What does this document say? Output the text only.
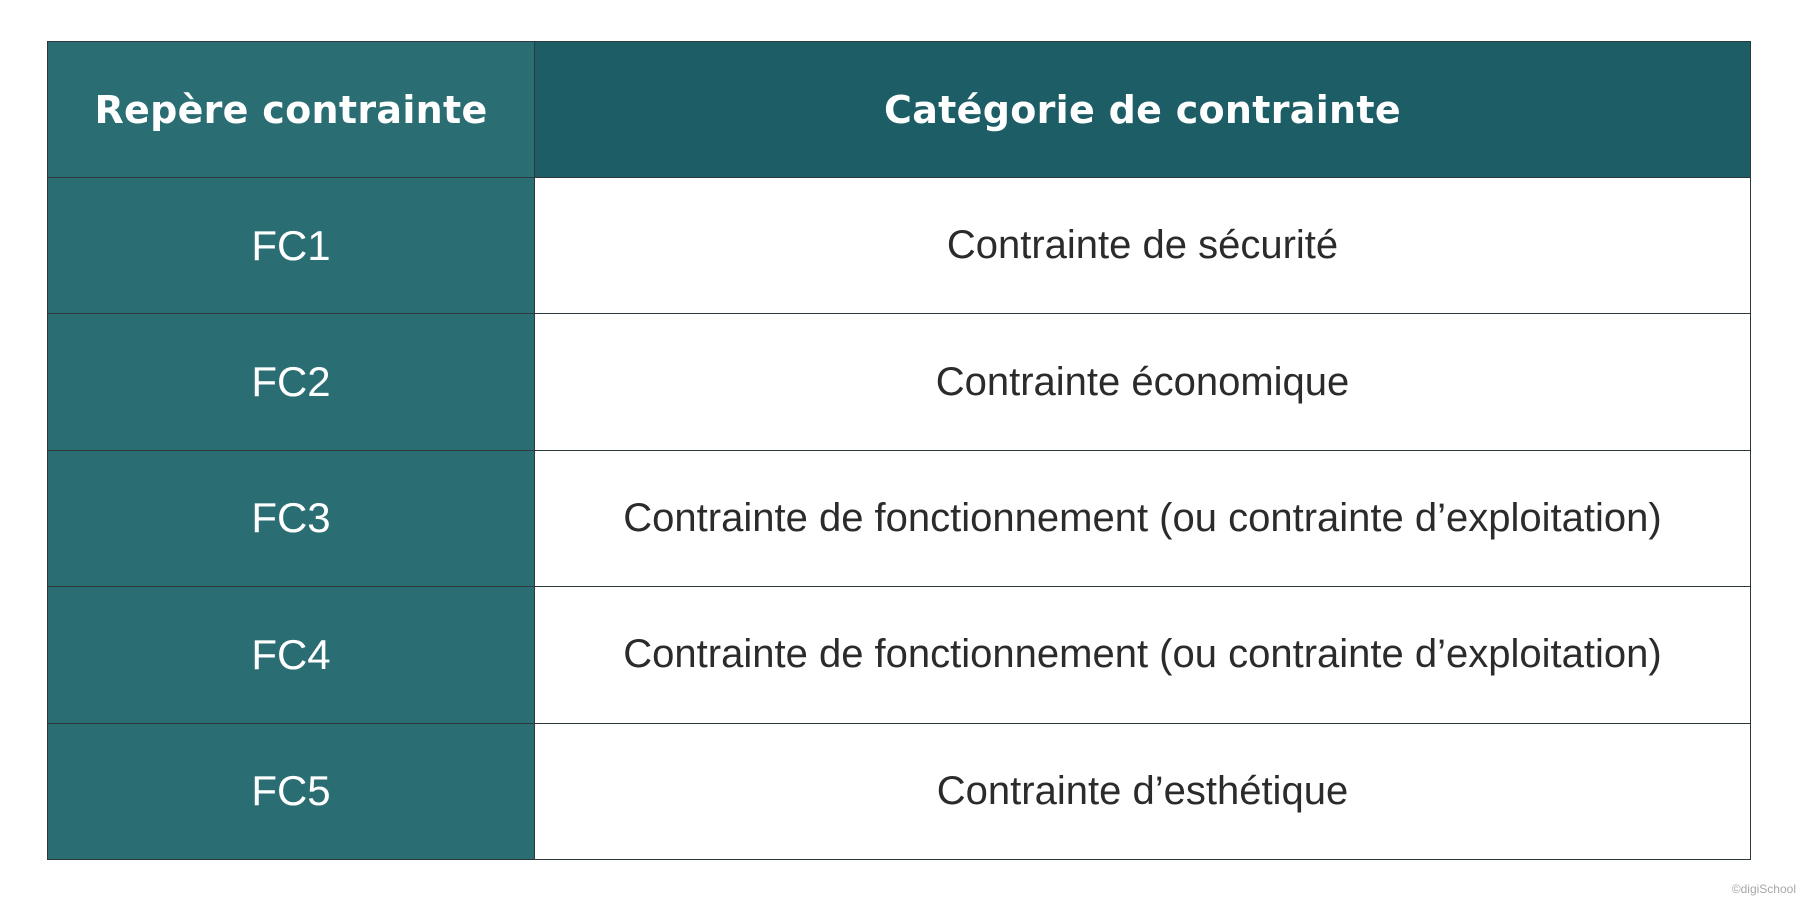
Repère contrainte	Catégorie de contrainte
FC1	Contrainte de sécurité
FC2	Contrainte économique
FC3	Contrainte de fonctionnement (ou contrainte d’exploitation)
FC4	Contrainte de fonctionnement (ou contrainte d’exploitation)
FC5	Contrainte d’esthétique
©digiSchool
